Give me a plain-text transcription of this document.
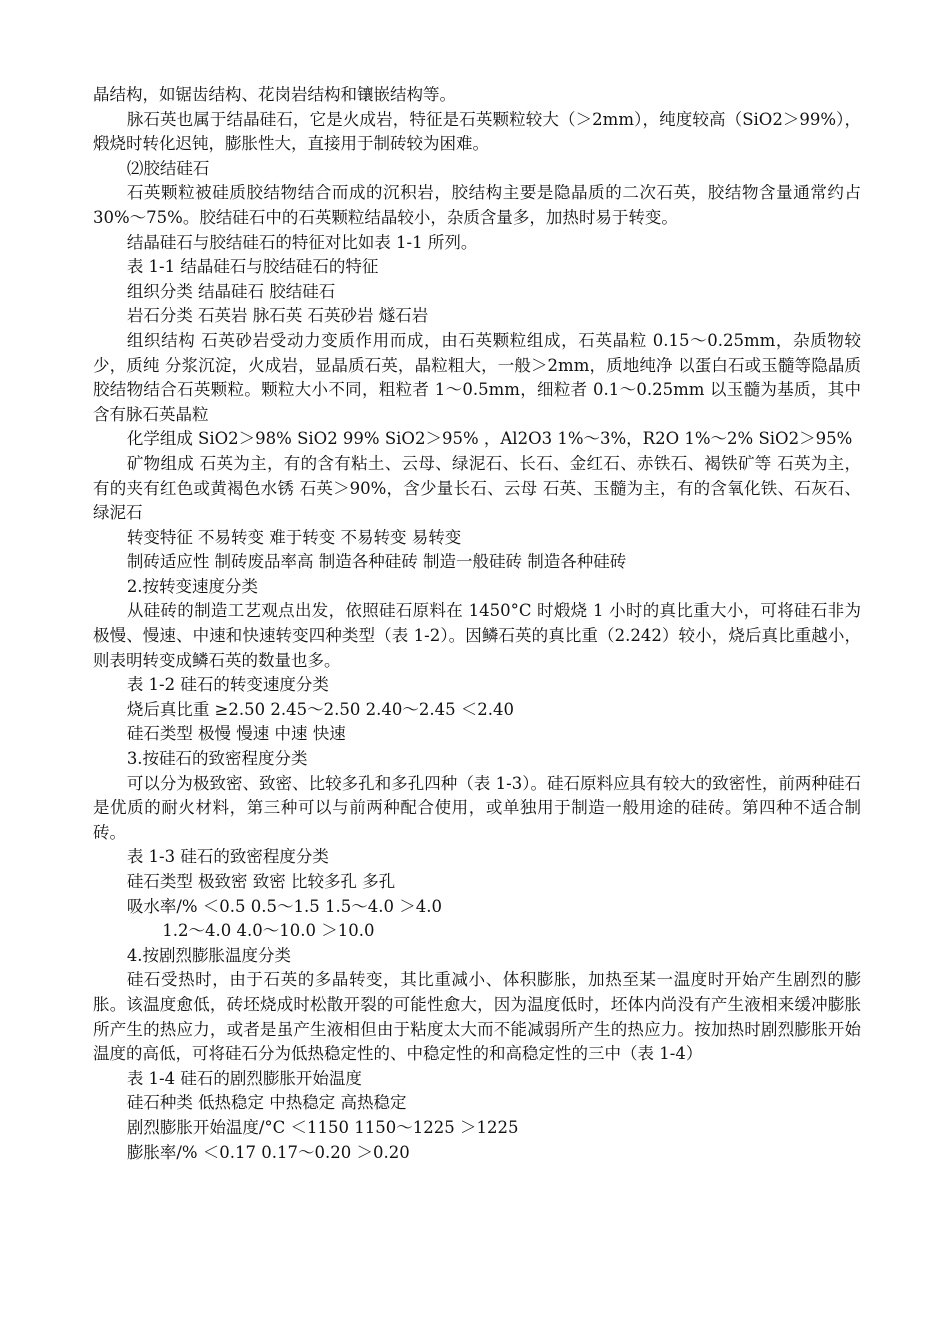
晶结构，如锯齿结构、花岗岩结构和镶嵌结构等。

脉石英也属于结晶硅石，它是火成岩，特征是石英颗粒较大（＞2mm），纯度较高（SiO2＞99%），煅烧时转化迟钝，膨胀性大，直接用于制砖较为困难。

⑵胶结硅石

石英颗粒被硅质胶结物结合而成的沉积岩，胶结构主要是隐晶质的二次石英，胶结物含量通常约占 30%～75%。胶结硅石中的石英颗粒结晶较小，杂质含量多，加热时易于转变。

结晶硅石与胶结硅石的特征对比如表 1-1 所列。

表 1-1 结晶硅石与胶结硅石的特征

组织分类 结晶硅石 胶结硅石

岩石分类 石英岩 脉石英 石英砂岩 燧石岩

组织结构 石英砂岩受动力变质作用而成，由石英颗粒组成，石英晶粒 0.15～0.25mm，杂质物较少，质纯 分浆沉淀，火成岩，显晶质石英，晶粒粗大，一般＞2mm，质地纯净 以蛋白石或玉髓等隐晶质胶结物结合石英颗粒。颗粒大小不同，粗粒者 1～0.5mm，细粒者 0.1～0.25mm 以玉髓为基质，其中含有脉石英晶粒

化学组成 SiO2＞98% SiO2 99% SiO2＞95% ，Al2O3 1%～3%，R2O 1%～2% SiO2＞95%

矿物组成 石英为主，有的含有粘土、云母、绿泥石、长石、金红石、赤铁石、褐铁矿等 石英为主，有的夹有红色或黄褐色水锈 石英＞90%，含少量长石、云母 石英、玉髓为主，有的含氧化铁、石灰石、绿泥石

转变特征 不易转变 难于转变 不易转变 易转变

制砖适应性 制砖废品率高 制造各种硅砖 制造一般硅砖 制造各种硅砖

2.按转变速度分类

从硅砖的制造工艺观点出发，依照硅石原料在 1450°C 时煅烧 1 小时的真比重大小，可将硅石非为极慢、慢速、中速和快速转变四种类型（表 1-2）。因鳞石英的真比重（2.242）较小，烧后真比重越小，则表明转变成鳞石英的数量也多。

表 1-2 硅石的转变速度分类

烧后真比重 ≥2.50 2.45～2.50 2.40～2.45 ＜2.40

硅石类型 极慢 慢速 中速 快速

3.按硅石的致密程度分类

可以分为极致密、致密、比较多孔和多孔四种（表 1-3）。硅石原料应具有较大的致密性，前两种硅石是优质的耐火材料，第三种可以与前两种配合使用，或单独用于制造一般用途的硅砖。第四种不适合制砖。

表 1-3 硅石的致密程度分类

硅石类型 极致密 致密 比较多孔 多孔

吸水率/% ＜0.5 0.5～1.5 1.5～4.0 ＞4.0

1.2～4.0 4.0～10.0 ＞10.0

4.按剧烈膨胀温度分类

硅石受热时，由于石英的多晶转变，其比重减小、体积膨胀，加热至某一温度时开始产生剧烈的膨胀。该温度愈低，砖坯烧成时松散开裂的可能性愈大，因为温度低时，坯体内尚没有产生液相来缓冲膨胀所产生的热应力，或者是虽产生液相但由于粘度太大而不能减弱所产生的热应力。按加热时剧烈膨胀开始温度的高低，可将硅石分为低热稳定性的、中稳定性的和高稳定性的三中（表 1-4）

表 1-4 硅石的剧烈膨胀开始温度

硅石种类 低热稳定 中热稳定 高热稳定

剧烈膨胀开始温度/°C ＜1150 1150～1225 ＞1225

膨胀率/% ＜0.17 0.17～0.20 ＞0.20
